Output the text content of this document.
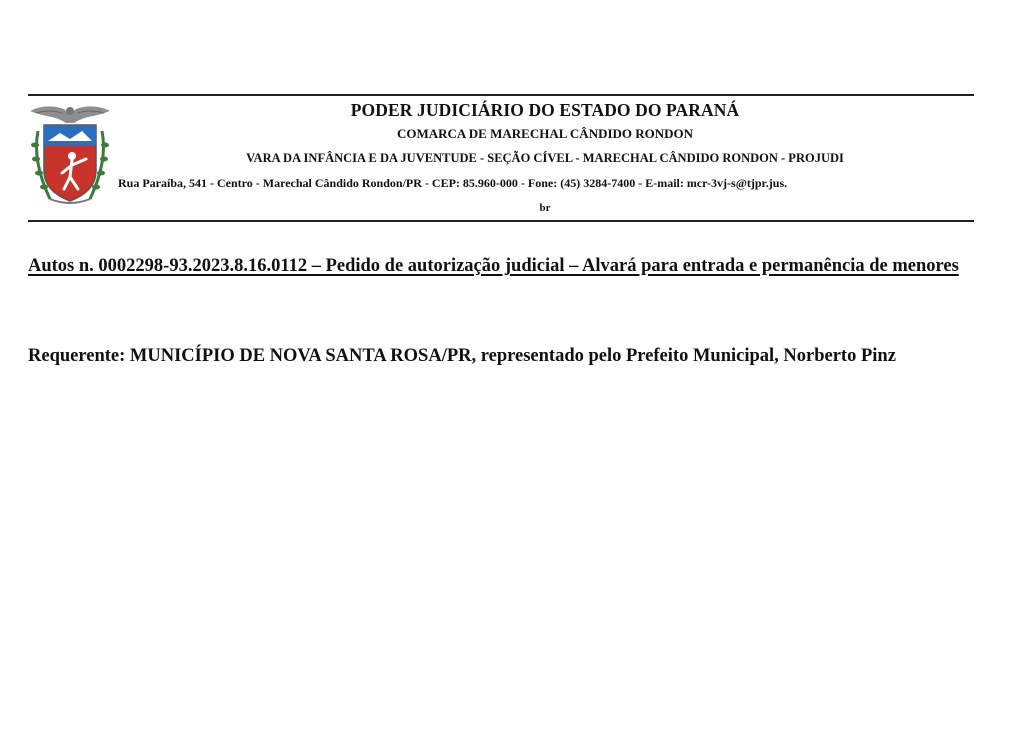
PODER JUDICIÁRIO DO ESTADO DO PARANÁ
COMARCA DE MARECHAL CÂNDIDO RONDON
VARA DA INFÂNCIA E DA JUVENTUDE - SEÇÃO CÍVEL - MARECHAL CÂNDIDO RONDON - PROJUDI
Rua Paraíba, 541 - Centro - Marechal Cândido Rondon/PR - CEP: 85.960-000 - Fone: (45) 3284-7400 - E-mail: mcr-3vj-s@tjpr.jus.
br
Autos n. 0002298-93.2023.8.16.0112 – Pedido de autorização judicial – Alvará para entrada e permanência de menores
Requerente: MUNICÍPIO DE NOVA SANTA ROSA/PR, representado pelo Prefeito Municipal, Norberto Pinz
